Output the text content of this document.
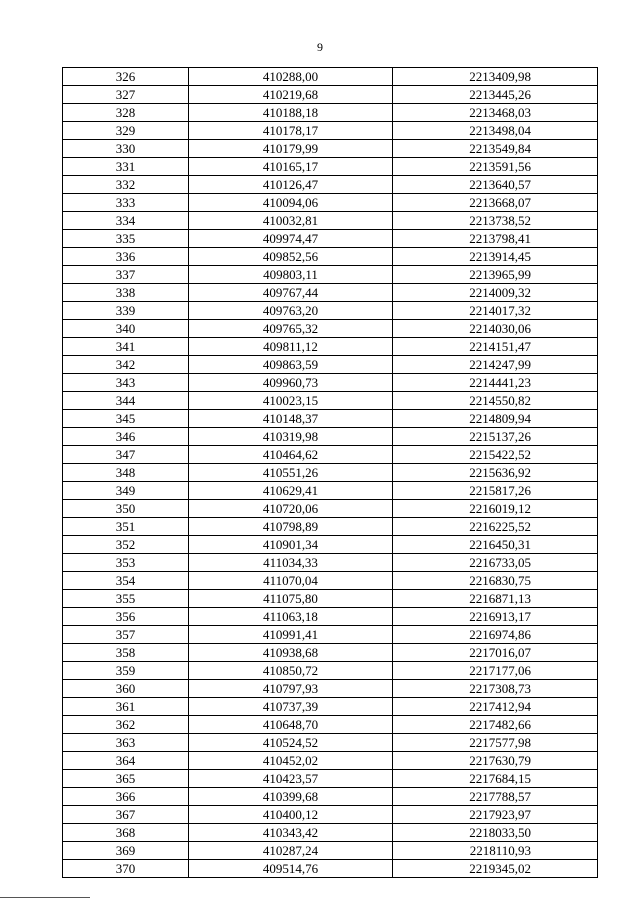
9
326	410288,00	2213409,98
327	410219,68	2213445,26
328	410188,18	2213468,03
329	410178,17	2213498,04
330	410179,99	2213549,84
331	410165,17	2213591,56
332	410126,47	2213640,57
333	410094,06	2213668,07
334	410032,81	2213738,52
335	409974,47	2213798,41
336	409852,56	2213914,45
337	409803,11	2213965,99
338	409767,44	2214009,32
339	409763,20	2214017,32
340	409765,32	2214030,06
341	409811,12	2214151,47
342	409863,59	2214247,99
343	409960,73	2214441,23
344	410023,15	2214550,82
345	410148,37	2214809,94
346	410319,98	2215137,26
347	410464,62	2215422,52
348	410551,26	2215636,92
349	410629,41	2215817,26
350	410720,06	2216019,12
351	410798,89	2216225,52
352	410901,34	2216450,31
353	411034,33	2216733,05
354	411070,04	2216830,75
355	411075,80	2216871,13
356	411063,18	2216913,17
357	410991,41	2216974,86
358	410938,68	2217016,07
359	410850,72	2217177,06
360	410797,93	2217308,73
361	410737,39	2217412,94
362	410648,70	2217482,66
363	410524,52	2217577,98
364	410452,02	2217630,79
365	410423,57	2217684,15
366	410399,68	2217788,57
367	410400,12	2217923,97
368	410343,42	2218033,50
369	410287,24	2218110,93
370	409514,76	2219345,02
